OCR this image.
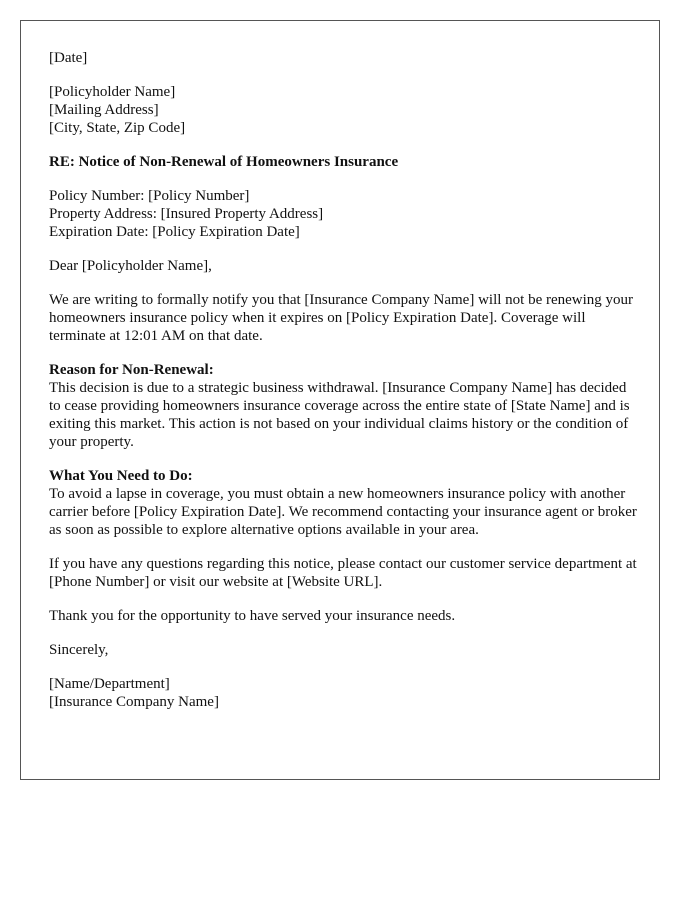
[Date]

[Policyholder Name]
[Mailing Address]
[City, State, Zip Code]

RE: Notice of Non-Renewal of Homeowners Insurance

Policy Number: [Policy Number]
Property Address: [Insured Property Address]
Expiration Date: [Policy Expiration Date]

Dear [Policyholder Name],

We are writing to formally notify you that [Insurance Company Name] will not be renewing your homeowners insurance policy when it expires on [Policy Expiration Date]. Coverage will terminate at 12:01 AM on that date.

Reason for Non-Renewal:
This decision is due to a strategic business withdrawal. [Insurance Company Name] has decided to cease providing homeowners insurance coverage across the entire state of [State Name] and is exiting this market. This action is not based on your individual claims history or the condition of your property.

What You Need to Do:
To avoid a lapse in coverage, you must obtain a new homeowners insurance policy with another carrier before [Policy Expiration Date]. We recommend contacting your insurance agent or broker as soon as possible to explore alternative options available in your area.

If you have any questions regarding this notice, please contact our customer service department at [Phone Number] or visit our website at [Website URL].

Thank you for the opportunity to have served your insurance needs.

Sincerely,

[Name/Department]
[Insurance Company Name]
